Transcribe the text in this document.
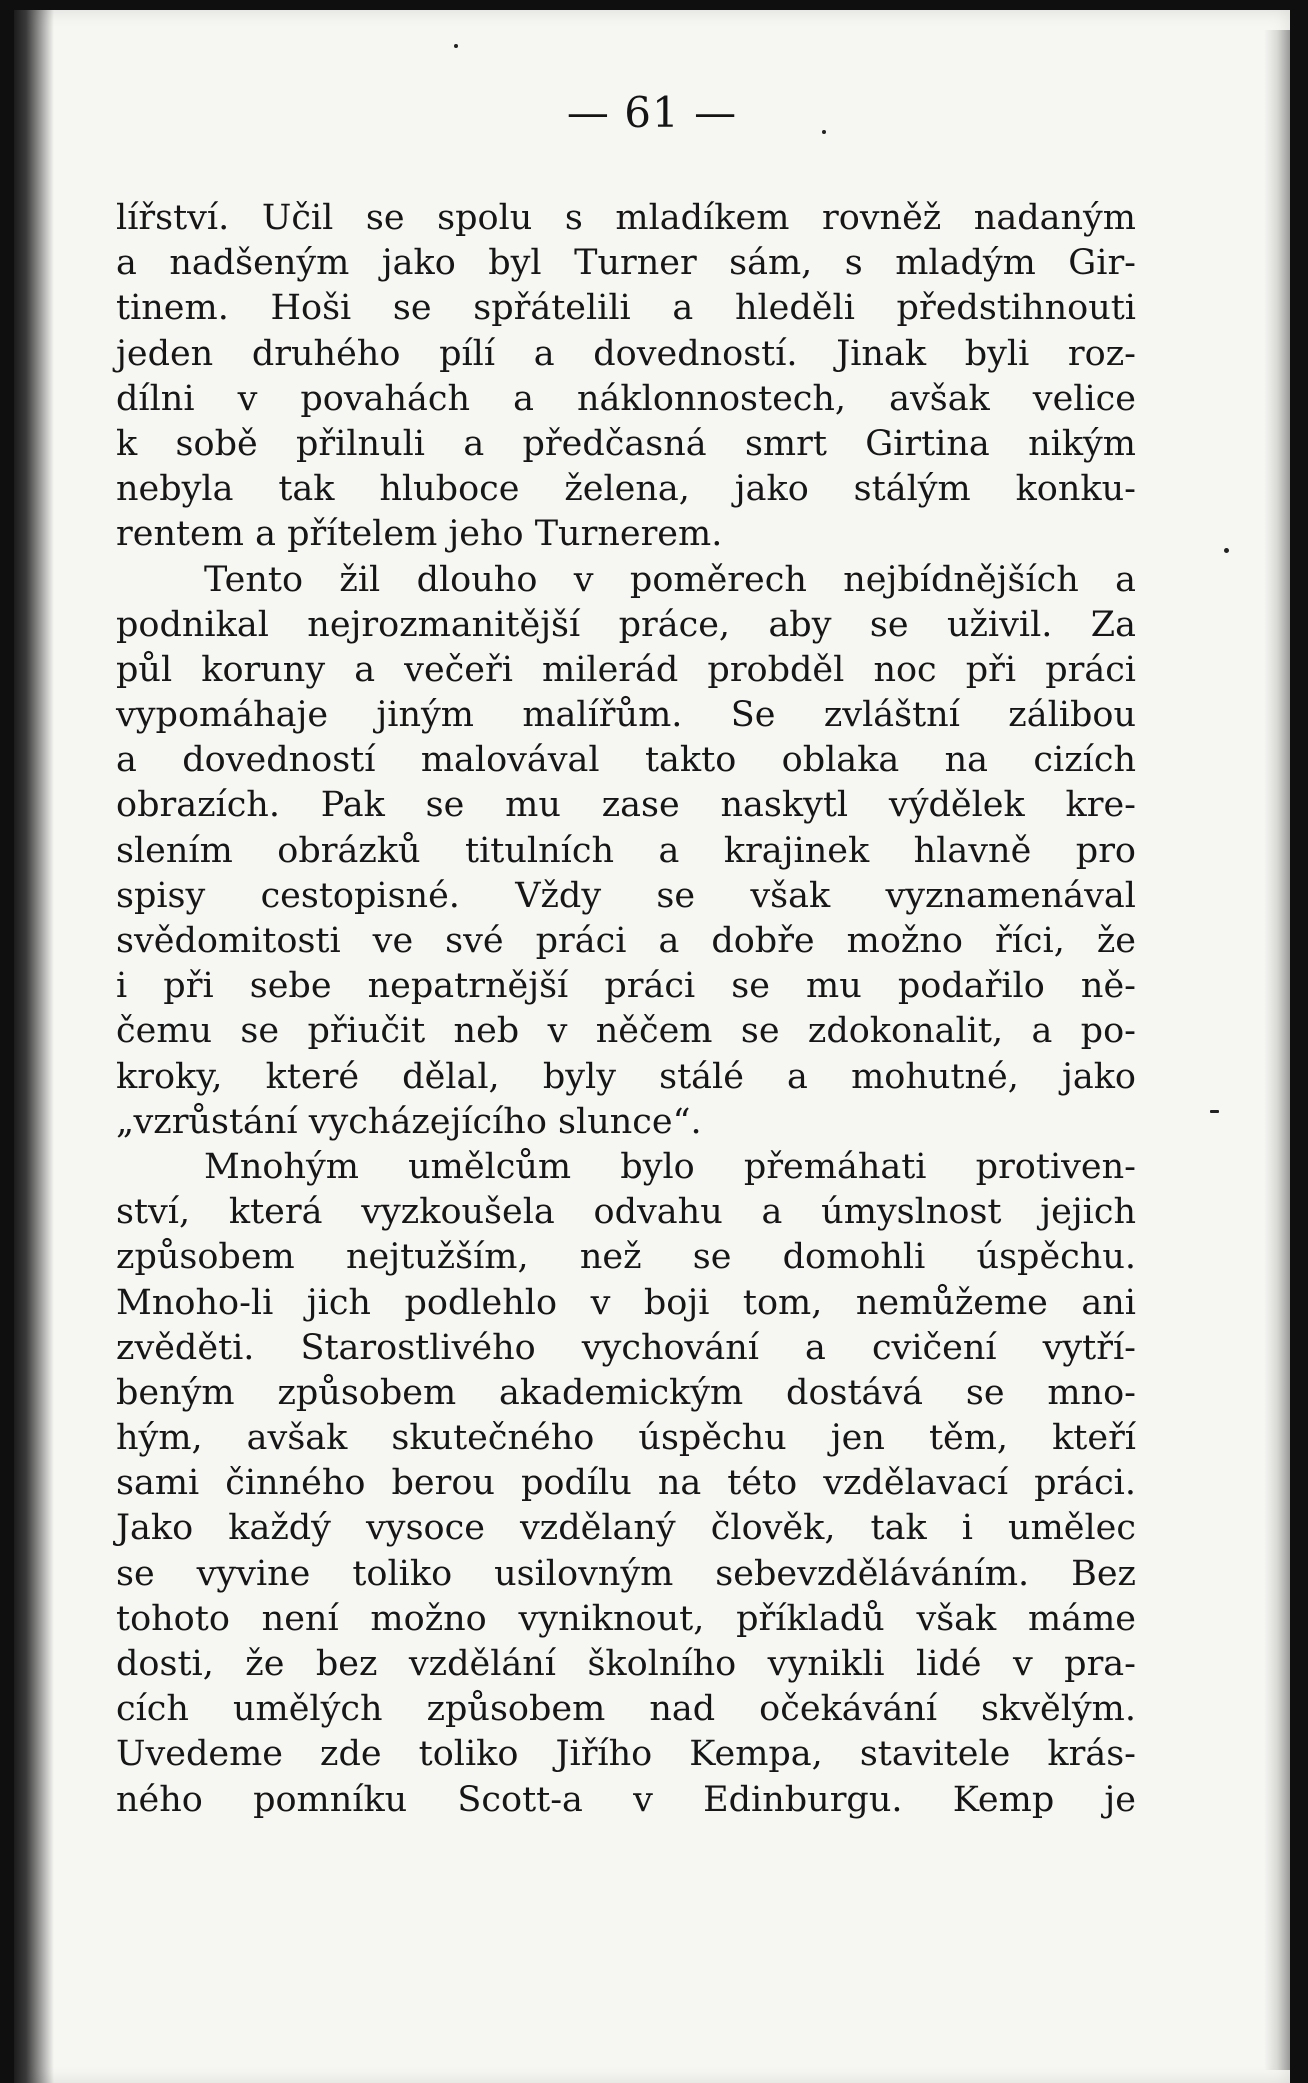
— 61 —
lířství. Učil se spolu s mladíkem rovněž nadaným
a nadšeným jako byl Turner sám, s mladým Gir-
tinem. Hoši se spřátelili a hleděli předstihnouti
jeden druhého pílí a dovedností. Jinak byli roz-
dílni v povahách a náklonnostech, avšak velice
k sobě přilnuli a předčasná smrt Girtina nikým
nebyla tak hluboce želena, jako stálým konku-
rentem a přítelem jeho Turnerem.
Tento žil dlouho v poměrech nejbídnějších a
podnikal nejrozmanitější práce, aby se uživil. Za
půl koruny a večeři milerád probděl noc při práci
vypomáhaje jiným malířům. Se zvláštní zálibou
a dovedností malovával takto oblaka na cizích
obrazích. Pak se mu zase naskytl výdělek kre-
slením obrázků titulních a krajinek hlavně pro
spisy cestopisné. Vždy se však vyznamenával
svědomitosti ve své práci a dobře možno říci, že
i při sebe nepatrnější práci se mu podařilo ně-
čemu se přiučit neb v něčem se zdokonalit, a po-
kroky, které dělal, byly stálé a mohutné, jako
„vzrůstání vycházejícího slunce“.
Mnohým umělcům bylo přemáhati protiven-
ství, která vyzkoušela odvahu a úmyslnost jejich
způsobem nejtužším, než se domohli úspěchu.
Mnoho-li jich podlehlo v boji tom, nemůžeme ani
zvěděti. Starostlivého vychování a cvičení vytří-
beným způsobem akademickým dostává se mno-
hým, avšak skutečného úspěchu jen těm, kteří
sami činného berou podílu na této vzdělavací práci.
Jako každý vysoce vzdělaný člověk, tak i umělec
se vyvine toliko usilovným sebevzděláváním. Bez
tohoto není možno vyniknout, příkladů však máme
dosti, že bez vzdělání školního vynikli lidé v pra-
cích umělých způsobem nad očekávání skvělým.
Uvedeme zde toliko Jiřího Kempa, stavitele krás-
ného pomníku Scott-a v Edinburgu. Kemp je
